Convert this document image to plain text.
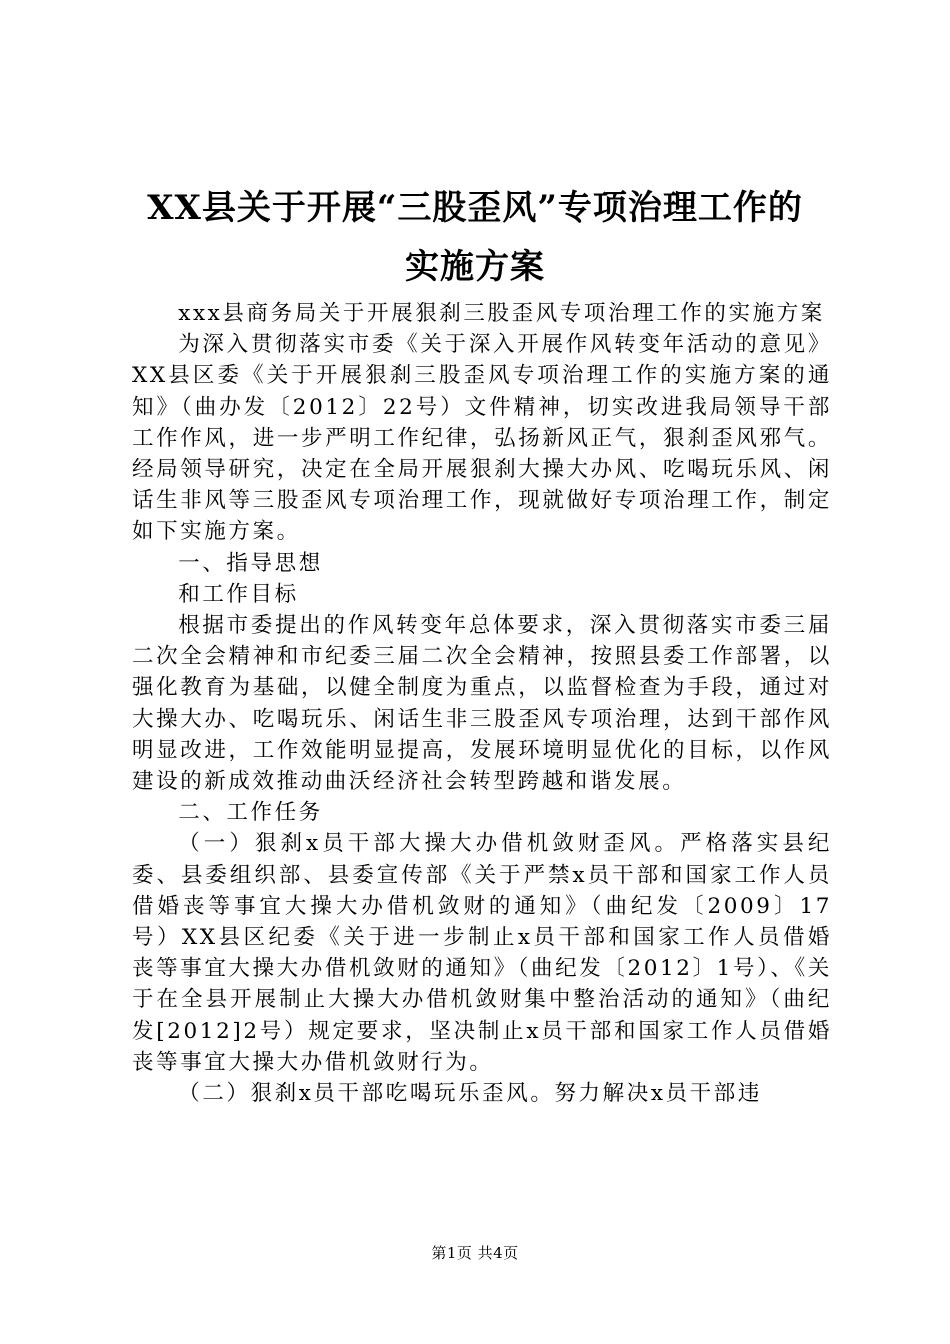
XX县关于开展“三股歪风”专项治理工作的
实施方案

xxx县商务局关于开展狠刹三股歪风专项治理工作的实施方案

为深入贯彻落实市委《关于深入开展作风转变年活动的意见》XX县区委《关于开展狠刹三股歪风专项治理工作的实施方案的通知》（曲办发〔2012〕22号）文件精神，切实改进我局领导干部工作作风，进一步严明工作纪律，弘扬新风正气，狠刹歪风邪气。经局领导研究，决定在全局开展狠刹大操大办风、吃喝玩乐风、闲话生非风等三股歪风专项治理工作，现就做好专项治理工作，制定如下实施方案。

一、指导思想

和工作目标

根据市委提出的作风转变年总体要求，深入贯彻落实市委三届二次全会精神和市纪委三届二次全会精神，按照县委工作部署，以强化教育为基础，以健全制度为重点，以监督检查为手段，通过对大操大办、吃喝玩乐、闲话生非三股歪风专项治理，达到干部作风明显改进，工作效能明显提高，发展环境明显优化的目标，以作风建设的新成效推动曲沃经济社会转型跨越和谐发展。

二、工作任务

（一）狠刹x员干部大操大办借机敛财歪风。严格落实县纪委、县委组织部、县委宣传部《关于严禁x员干部和国家工作人员借婚丧等事宜大操大办借机敛财的通知》（曲纪发〔2009〕17号）XX县区纪委《关于进一步制止x员干部和国家工作人员借婚丧等事宜大操大办借机敛财的通知》（曲纪发〔2012〕1号）、《关于在全县开展制止大操大办借机敛财集中整治活动的通知》（曲纪发[2012]2号）规定要求，坚决制止x员干部和国家工作人员借婚丧等事宜大操大办借机敛财行为。

（二）狠刹x员干部吃喝玩乐歪风。努力解决x员干部违

第1页 共4页
